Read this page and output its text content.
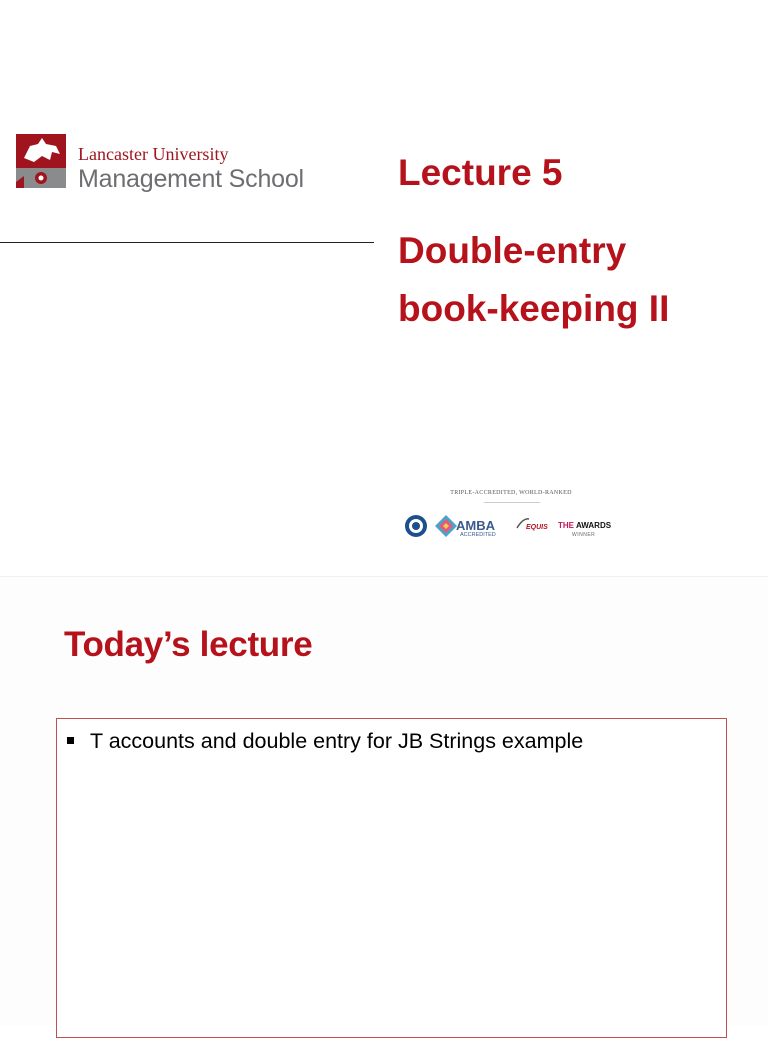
Lancaster University
Management School	Lecture 5
Double-entry
book-keeping II
TRIPLE-ACCREDITED, WORLD-RANKED
AMBA
ACCREDITED
EQUIS THE AWARDS
WINNER
Today’s lecture
T accounts and double entry for JB Strings example
